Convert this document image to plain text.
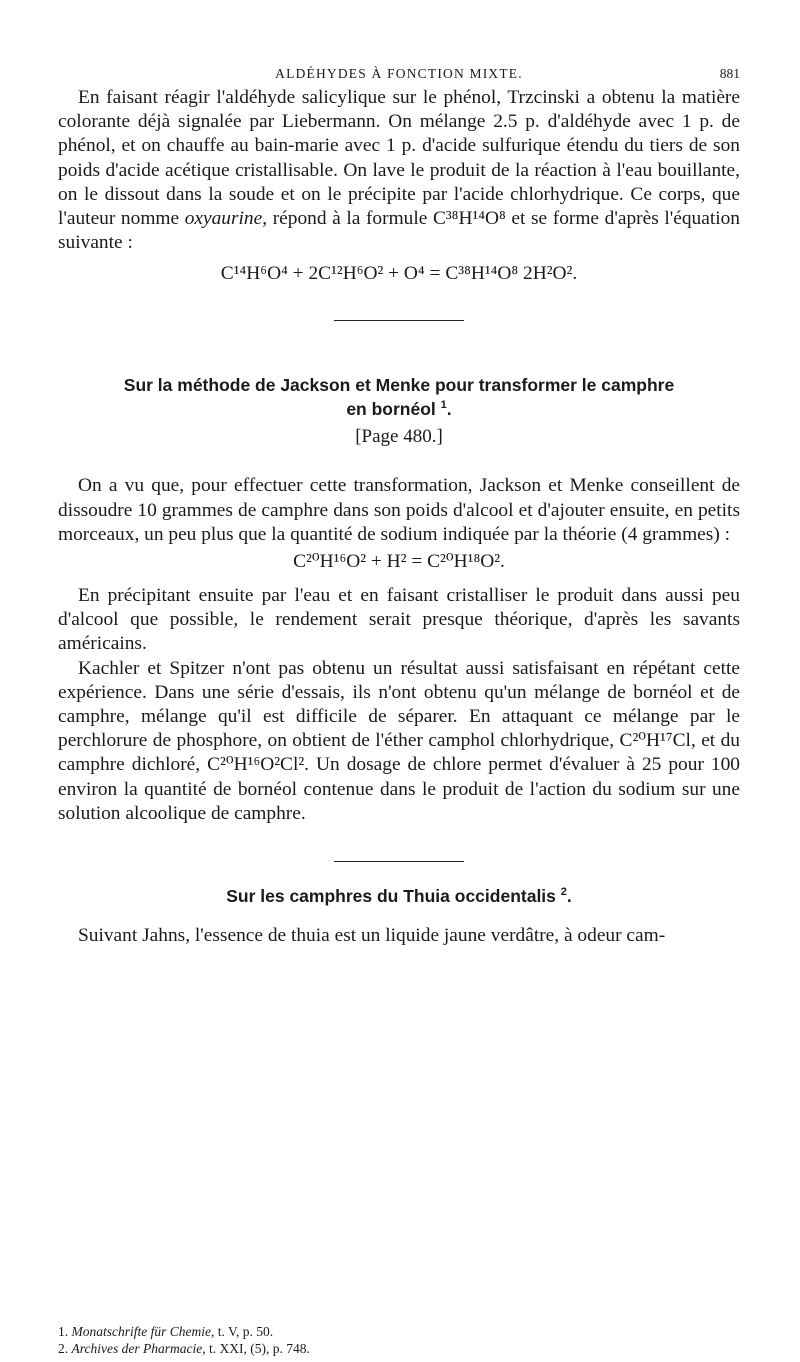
ALDÉHYDES À FONCTION MIXTE.	881

En faisant réagir l'aldéhyde salicylique sur le phénol, Trzcinski a obtenu la matière colorante déjà signalée par Liebermann. On mélange 2.5 p. d'aldéhyde avec 1 p. de phénol, et on chauffe au bain-marie avec 1 p. d'acide sulfurique étendu du tiers de son poids d'acide acétique cristallisable. On lave le produit de la réaction à l'eau bouillante, on le dissout dans la soude et on le précipite par l'acide chlorhydrique. Ce corps, que l'auteur nomme oxyaurine, répond à la formule C³⁸H¹⁴O⁸ et se forme d'après l'équation suivante :

C¹⁴H⁶O⁴ + 2C¹²H⁶O² + O⁴ = C³⁸H¹⁴O⁸ 2H²O².
Sur la méthode de Jackson et Menke pour transformer le camphre
en bornéol $^1$.
[Page 480.]

On a vu que, pour effectuer cette transformation, Jackson et Menke conseillent de dissoudre 10 grammes de camphre dans son poids d'alcool et d'ajouter ensuite, en petits morceaux, un peu plus que la quantité de sodium indiquée par la théorie (4 grammes) :

C²⁰H¹⁶O² + H² = C²⁰H¹⁸O².

En précipitant ensuite par l'eau et en faisant cristalliser le produit dans aussi peu d'alcool que possible, le rendement serait presque théorique, d'après les savants américains.

Kachler et Spitzer n'ont pas obtenu un résultat aussi satisfaisant en répétant cette expérience. Dans une série d'essais, ils n'ont obtenu qu'un mélange de bornéol et de camphre, mélange qu'il est difficile de séparer. En attaquant ce mélange par le perchlorure de phosphore, on obtient de l'éther camphol chlorhydrique, C²⁰H¹⁷Cl, et du camphre dichloré, C²⁰H¹⁶O²Cl². Un dosage de chlore permet d'évaluer à 25 pour 100 environ la quantité de bornéol contenue dans le produit de l'action du sodium sur une solution alcoolique de camphre.

Sur les camphres du Thuia occidentalis $^2$.

Suivant Jahns, l'essence de thuia est un liquide jaune verdâtre, à odeur cam-

1. Monatschrifte für Chemie, t. V, p. 50.
2. Archives der Pharmacie, t. XXI, (5), p. 748.
